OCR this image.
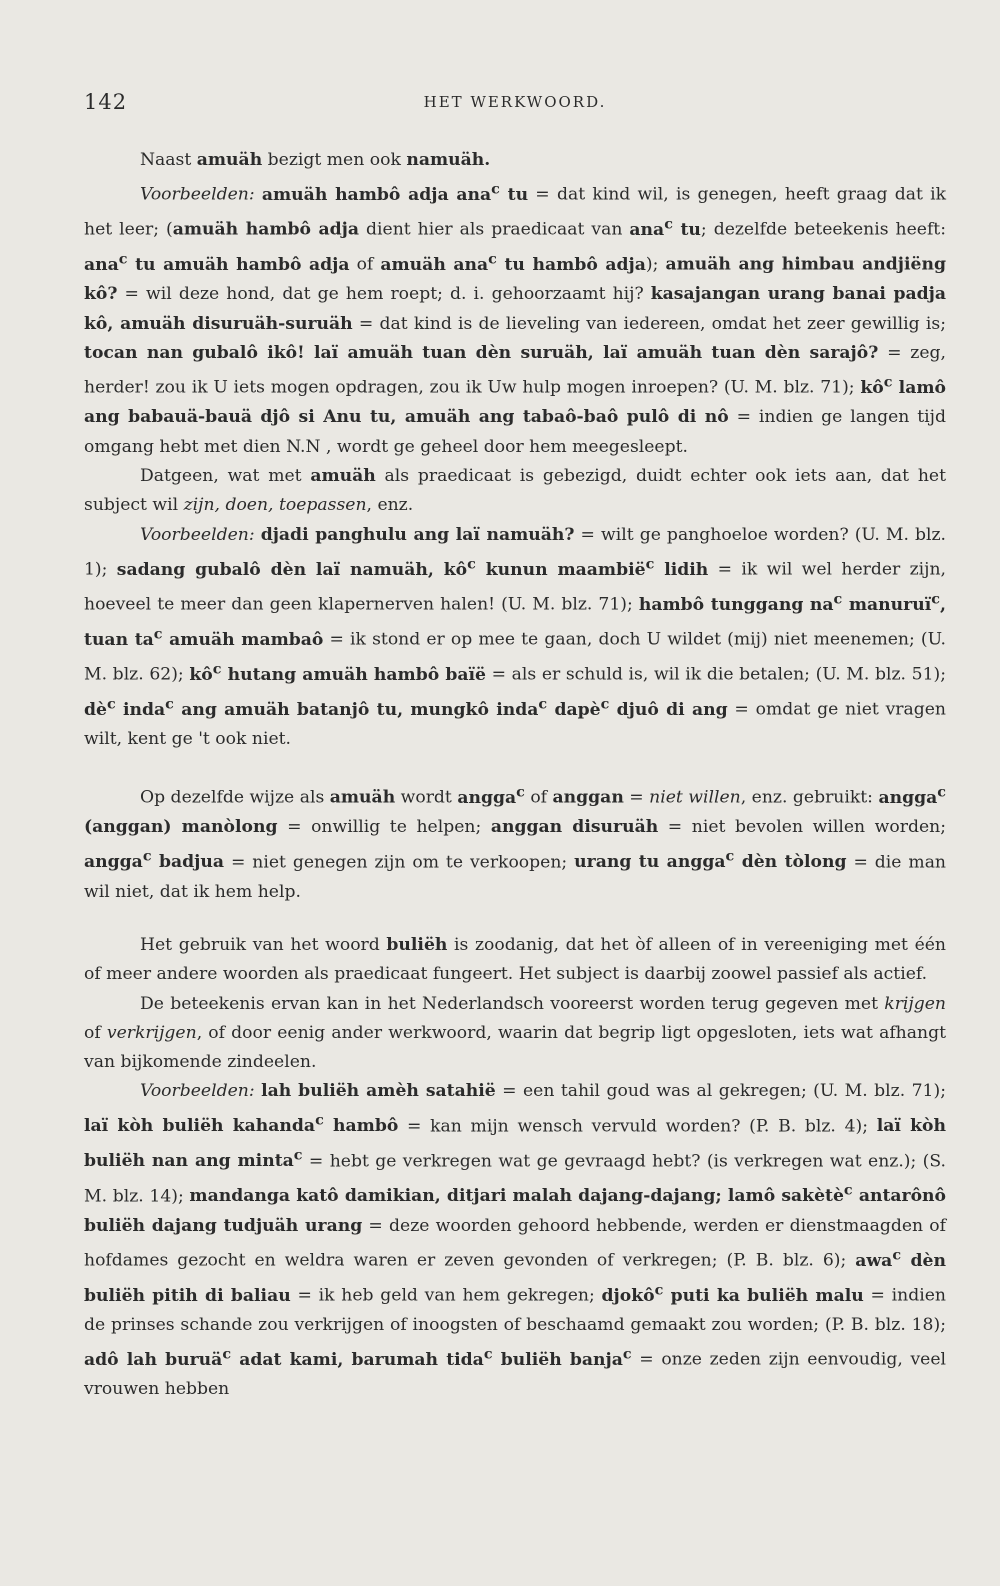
142	HET WERKWOORD.

Naast amuäh bezigt men ook namuäh.

Voorbeelden: amuäh hambô adja ana$^c$ tu = dat kind wil, is genegen, heeft graag dat ik het leer; (amuäh hambô adja dient hier als praedicaat van ana$^c$ tu; dezelfde beteekenis heeft: ana$^c$ tu amuäh hambô adja of amuäh ana$^c$ tu hambô adja); amuäh ang himbau andjiëng kô? = wil deze hond, dat ge hem roept; d. i. gehoorzaamt hij? kasajangan urang banai padja kô, amuäh disuruäh-suruäh = dat kind is de lieveling van iedereen, omdat het zeer gewillig is; tocan nan gubalô ikô! laï amuäh tuan dèn suruäh, laï amuäh tuan dèn sarajô? = zeg, herder! zou ik U iets mogen opdragen, zou ik Uw hulp mogen inroepen? (U. M. blz. 71); $kô^c$ lamô ang babauä-bauä djô si Anu tu, amuäh ang tabaô-baô pulô di nô = indien ge langen tijd omgang hebt met dien N.N , wordt ge geheel door hem meegesleept.

Datgeen, wat met amuäh als praedicaat is gebezigd, duidt echter ook iets aan, dat het subject wil zijn, doen, toepassen, enz.

Voorbeelden: djadi panghulu ang laï namuäh? = wilt ge panghoeloe worden? (U. M. blz. 1); sadang gubalô dèn laï namuäh, $kô^c$ kunun maambië$^c$ lidih = ik wil wel herder zijn, hoeveel te meer dan geen klapernerven halen! (U. M. blz. 71); hambô tunggang $na^c$ manuruï$^c$, tuan $ta^c$ amuäh mambaô = ik stond er op mee te gaan, doch U wildet (mij) niet meenemen; (U. M. blz. 62); $kô^c$ hutang amuäh hambô baïë = als er schuld is, wil ik die betalen; (U. M. blz. 51); $dè^c$ inda$^c$ ang amuäh batanjô tu, mungkô inda$^c$ dapè$^c$ djuô di ang = omdat ge niet vragen wilt, kent ge 't ook niet.

Op dezelfde wijze als amuäh wordt angga$^c$ of anggan = niet willen, enz. gebruikt: angga$^c$ (anggan) manòlong = onwillig te helpen; anggan disuruäh = niet bevolen willen worden; angga$^c$ badjua = niet genegen zijn om te verkoopen; urang tu angga$^c$ dèn tòlong = die man wil niet, dat ik hem help.

Het gebruik van het woord buliëh is zoodanig, dat het òf alleen of in vereeniging met één of meer andere woorden als praedicaat fungeert. Het subject is daarbij zoowel passief als actief.

De beteekenis ervan kan in het Nederlandsch vooreerst worden terug gegeven met krijgen of verkrijgen, of door eenig ander werkwoord, waarin dat begrip ligt opgesloten, iets wat afhangt van bijkomende zindeelen.

Voorbeelden: lah buliëh amèh satahië = een tahil goud was al gekregen; (U. M. blz. 71); laï kòh buliëh kahanda$^c$ hambô = kan mijn wensch vervuld worden? (P. B. blz. 4); laï kòh buliëh nan ang minta$^c$ = hebt ge verkregen wat ge gevraagd hebt? (is verkregen wat enz.); (S. M. blz. 14); mandanga katô damikian, ditjari malah dajang-dajang; lamô sakètè$^c$ antarônô buliëh dajang tudjuäh urang = deze woorden gehoord hebbende, werden er dienstmaagden of hofdames gezocht en weldra waren er zeven gevonden of verkregen; (P. B. blz. 6); awa$^c$ dèn buliëh pitih di baliau = ik heb geld van hem gekregen; djokô$^c$ puti ka buliëh malu = indien de prinses schande zou verkrijgen of inoogsten of beschaamd gemaakt zou worden; (P. B. blz. 18); adô lah buruä$^c$ adat kami, barumah tida$^c$ buliëh banja$^c$ = onze zeden zijn eenvoudig, veel vrouwen hebben
